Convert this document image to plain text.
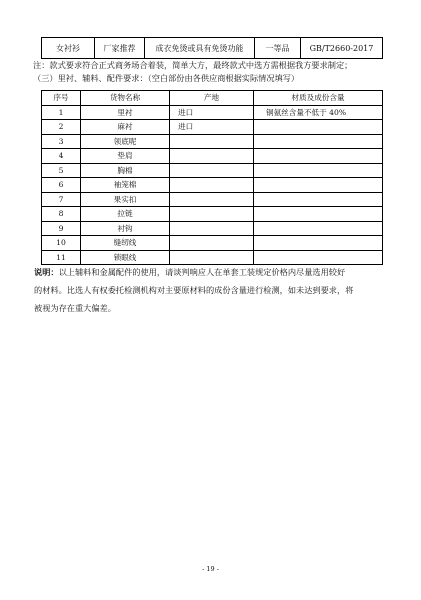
女衬衫	厂家推荐	成衣免烫或具有免烫功能	一等品	GB/T2660-2017
注：款式要求符合正式商务场合着装，简单大方，最终款式中选方需根据我方要求制定；
（三）里衬、辅料、配件要求：（空白部份由各供应商根据实际情况填写）
序号	货物名称	产地	材质及成份含量
1	里衬	进口	铜氨丝含量不低于 40%
2	麻衬	进口	
3	领底呢		
4	垫肩		
5	胸棉		
6	袖笼棉		
7	果实扣		
8	拉链		
9	衬钩		
10	缝纫线		
11	锁眼线		
说明：以上辅料和金属配件的使用，请谈判响应人在单套工装规定价格内尽量选用较好
的材料。比选人有权委托检测机构对主要原材料的成份含量进行检测，如未达到要求，将
被视为存在重大偏差。
- 19 -
